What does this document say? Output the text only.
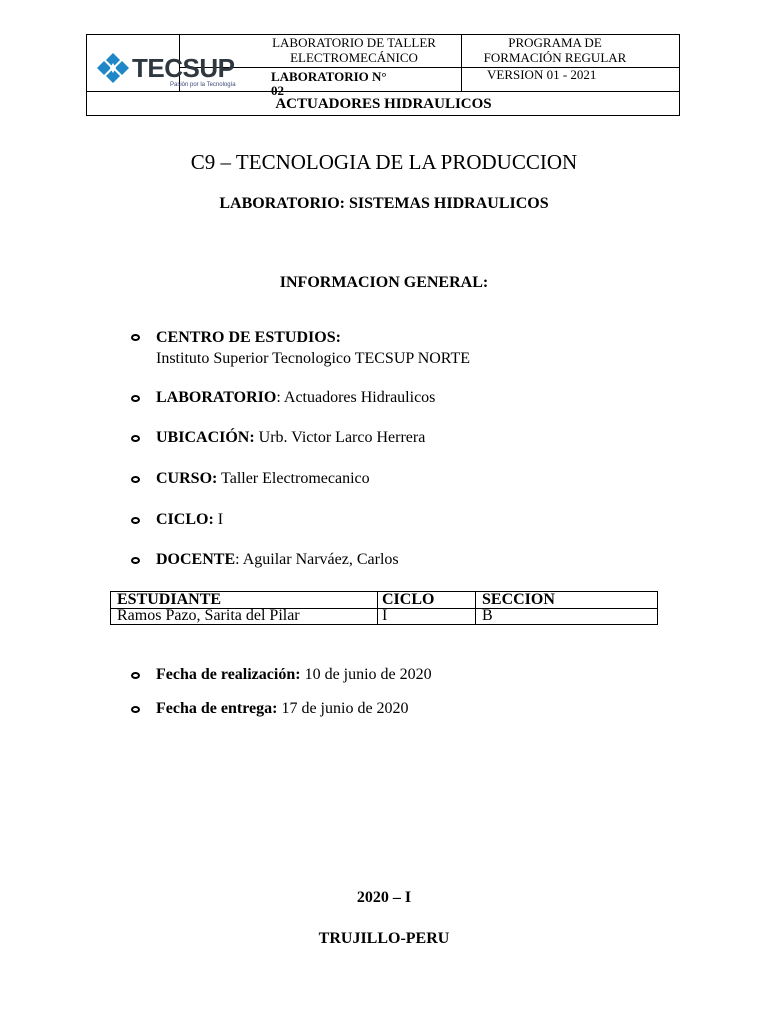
TECSUP
Pasión por la Tecnología
LABORATORIO DE TALLER
ELECTROMECÁNICO
PROGRAMA DE
FORMACIÓN REGULAR
LABORATORIO N° 02
VERSION 01 - 2021
ACTUADORES HIDRAULICOS
C9 – TECNOLOGIA DE LA PRODUCCION
LABORATORIO: SISTEMAS HIDRAULICOS
INFORMACION GENERAL:
CENTRO DE ESTUDIOS:
Instituto Superior Tecnologico TECSUP NORTE
LABORATORIO: Actuadores Hidraulicos
UBICACIÓN: Urb. Victor Larco Herrera
CURSO: Taller Electromecanico
CICLO: I
DOCENTE: Aguilar Narváez, Carlos
ESTUDIANTE	CICLO	SECCION
Ramos Pazo, Sarita del Pilar	I	B
Fecha de realización: 10 de junio de 2020
Fecha de entrega: 17 de junio de 2020
2020 – I
TRUJILLO-PERU
